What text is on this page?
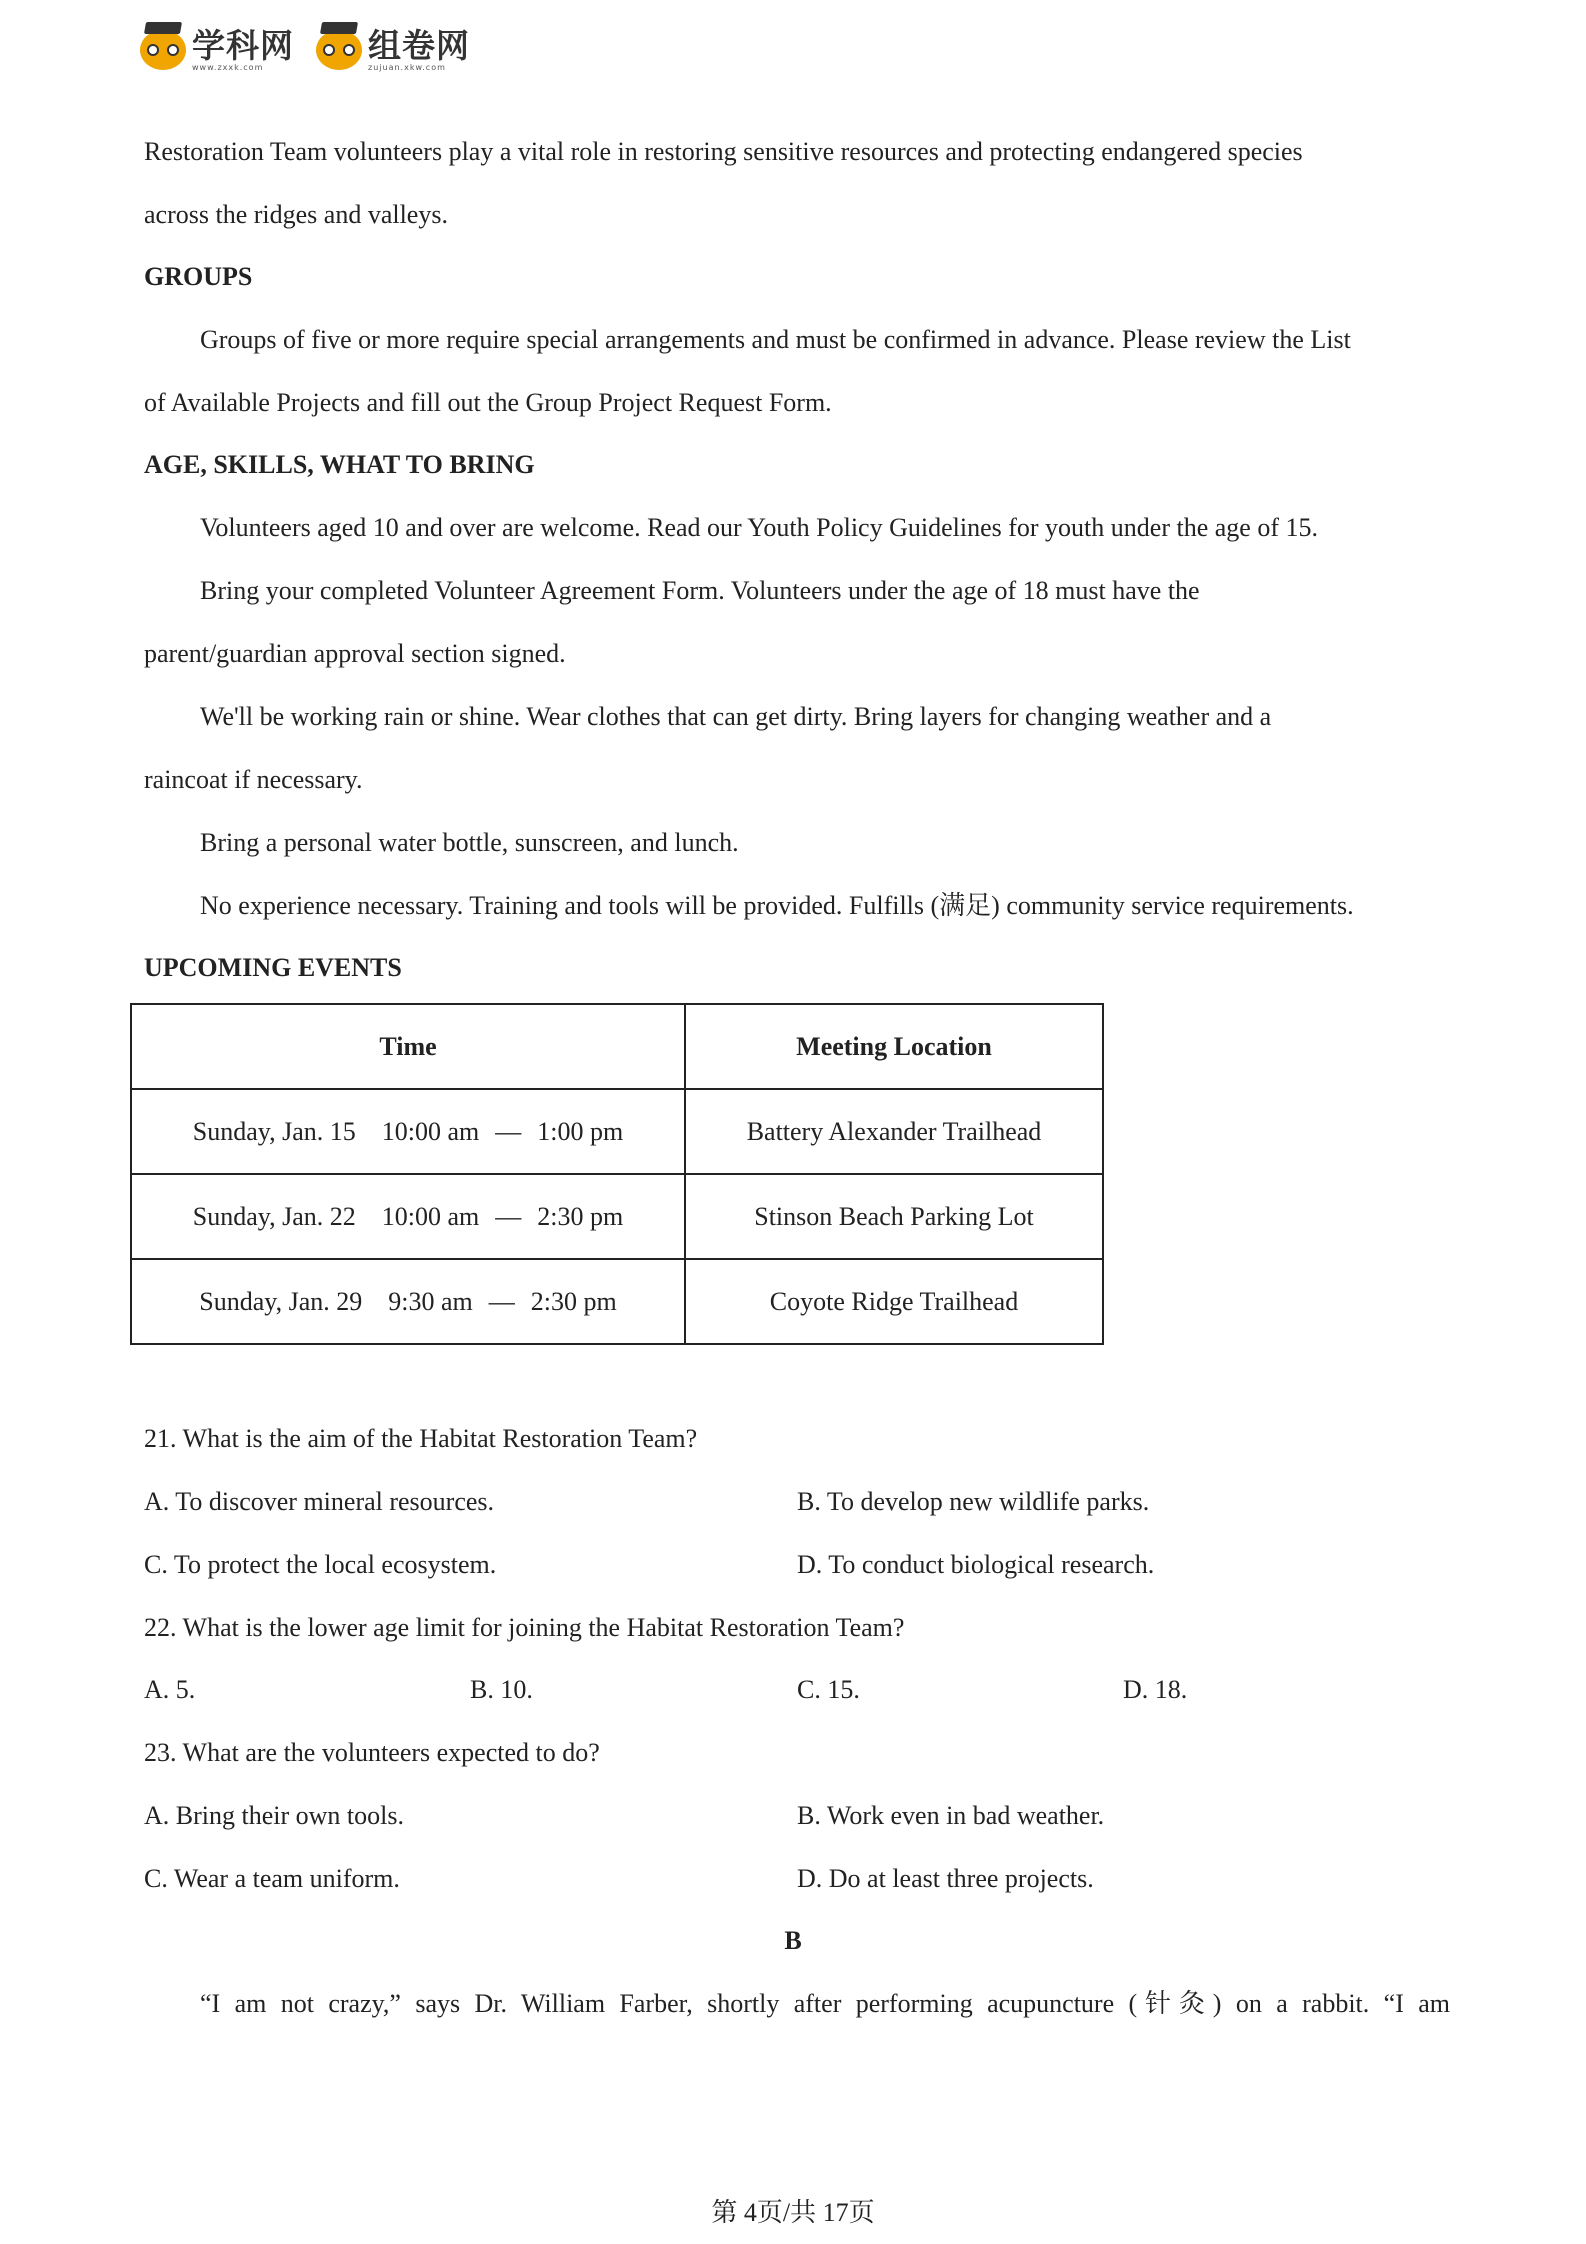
学科网
www.zxxk.com
组卷网
zujuan.xkw.com
Restoration Team volunteers play a vital role in restoring sensitive resources and protecting endangered species
across the ridges and valleys.
GROUPS
Groups of five or more require special arrangements and must be confirmed in advance. Please review the List
of Available Projects and fill out the Group Project Request Form.
AGE, SKILLS, WHAT TO BRING
Volunteers aged 10 and over are welcome. Read our Youth Policy Guidelines for youth under the age of 15.
Bring your completed Volunteer Agreement Form. Volunteers under the age of 18 must have the
parent/guardian approval section signed.
We'll be working rain or shine. Wear clothes that can get dirty. Bring layers for changing weather and a
raincoat if necessary.
Bring a personal water bottle, sunscreen, and lunch.
No experience necessary. Training and tools will be provided. Fulfills (满足) community service requirements.
UPCOMING EVENTS
Time	Meeting Location
Sunday, Jan. 15 10:00 am — 1:00 pm	Battery Alexander Trailhead
Sunday, Jan. 22 10:00 am — 2:30 pm	Stinson Beach Parking Lot
Sunday, Jan. 29 9:30 am — 2:30 pm	Coyote Ridge Trailhead
21. What is the aim of the Habitat Restoration Team?
A. To discover mineral resources.	B. To develop new wildlife parks.
C. To protect the local ecosystem.	D. To conduct biological research.
22. What is the lower age limit for joining the Habitat Restoration Team?
A. 5.	B. 10.	C. 15.	D. 18.
23. What are the volunteers expected to do?
A. Bring their own tools.	B. Work even in bad weather.
C. Wear a team uniform.	D. Do at least three projects.
B
“I am not crazy,” says Dr. William Farber, shortly after performing acupuncture (针灸) on a rabbit. “I am
第 4页/共 17页
